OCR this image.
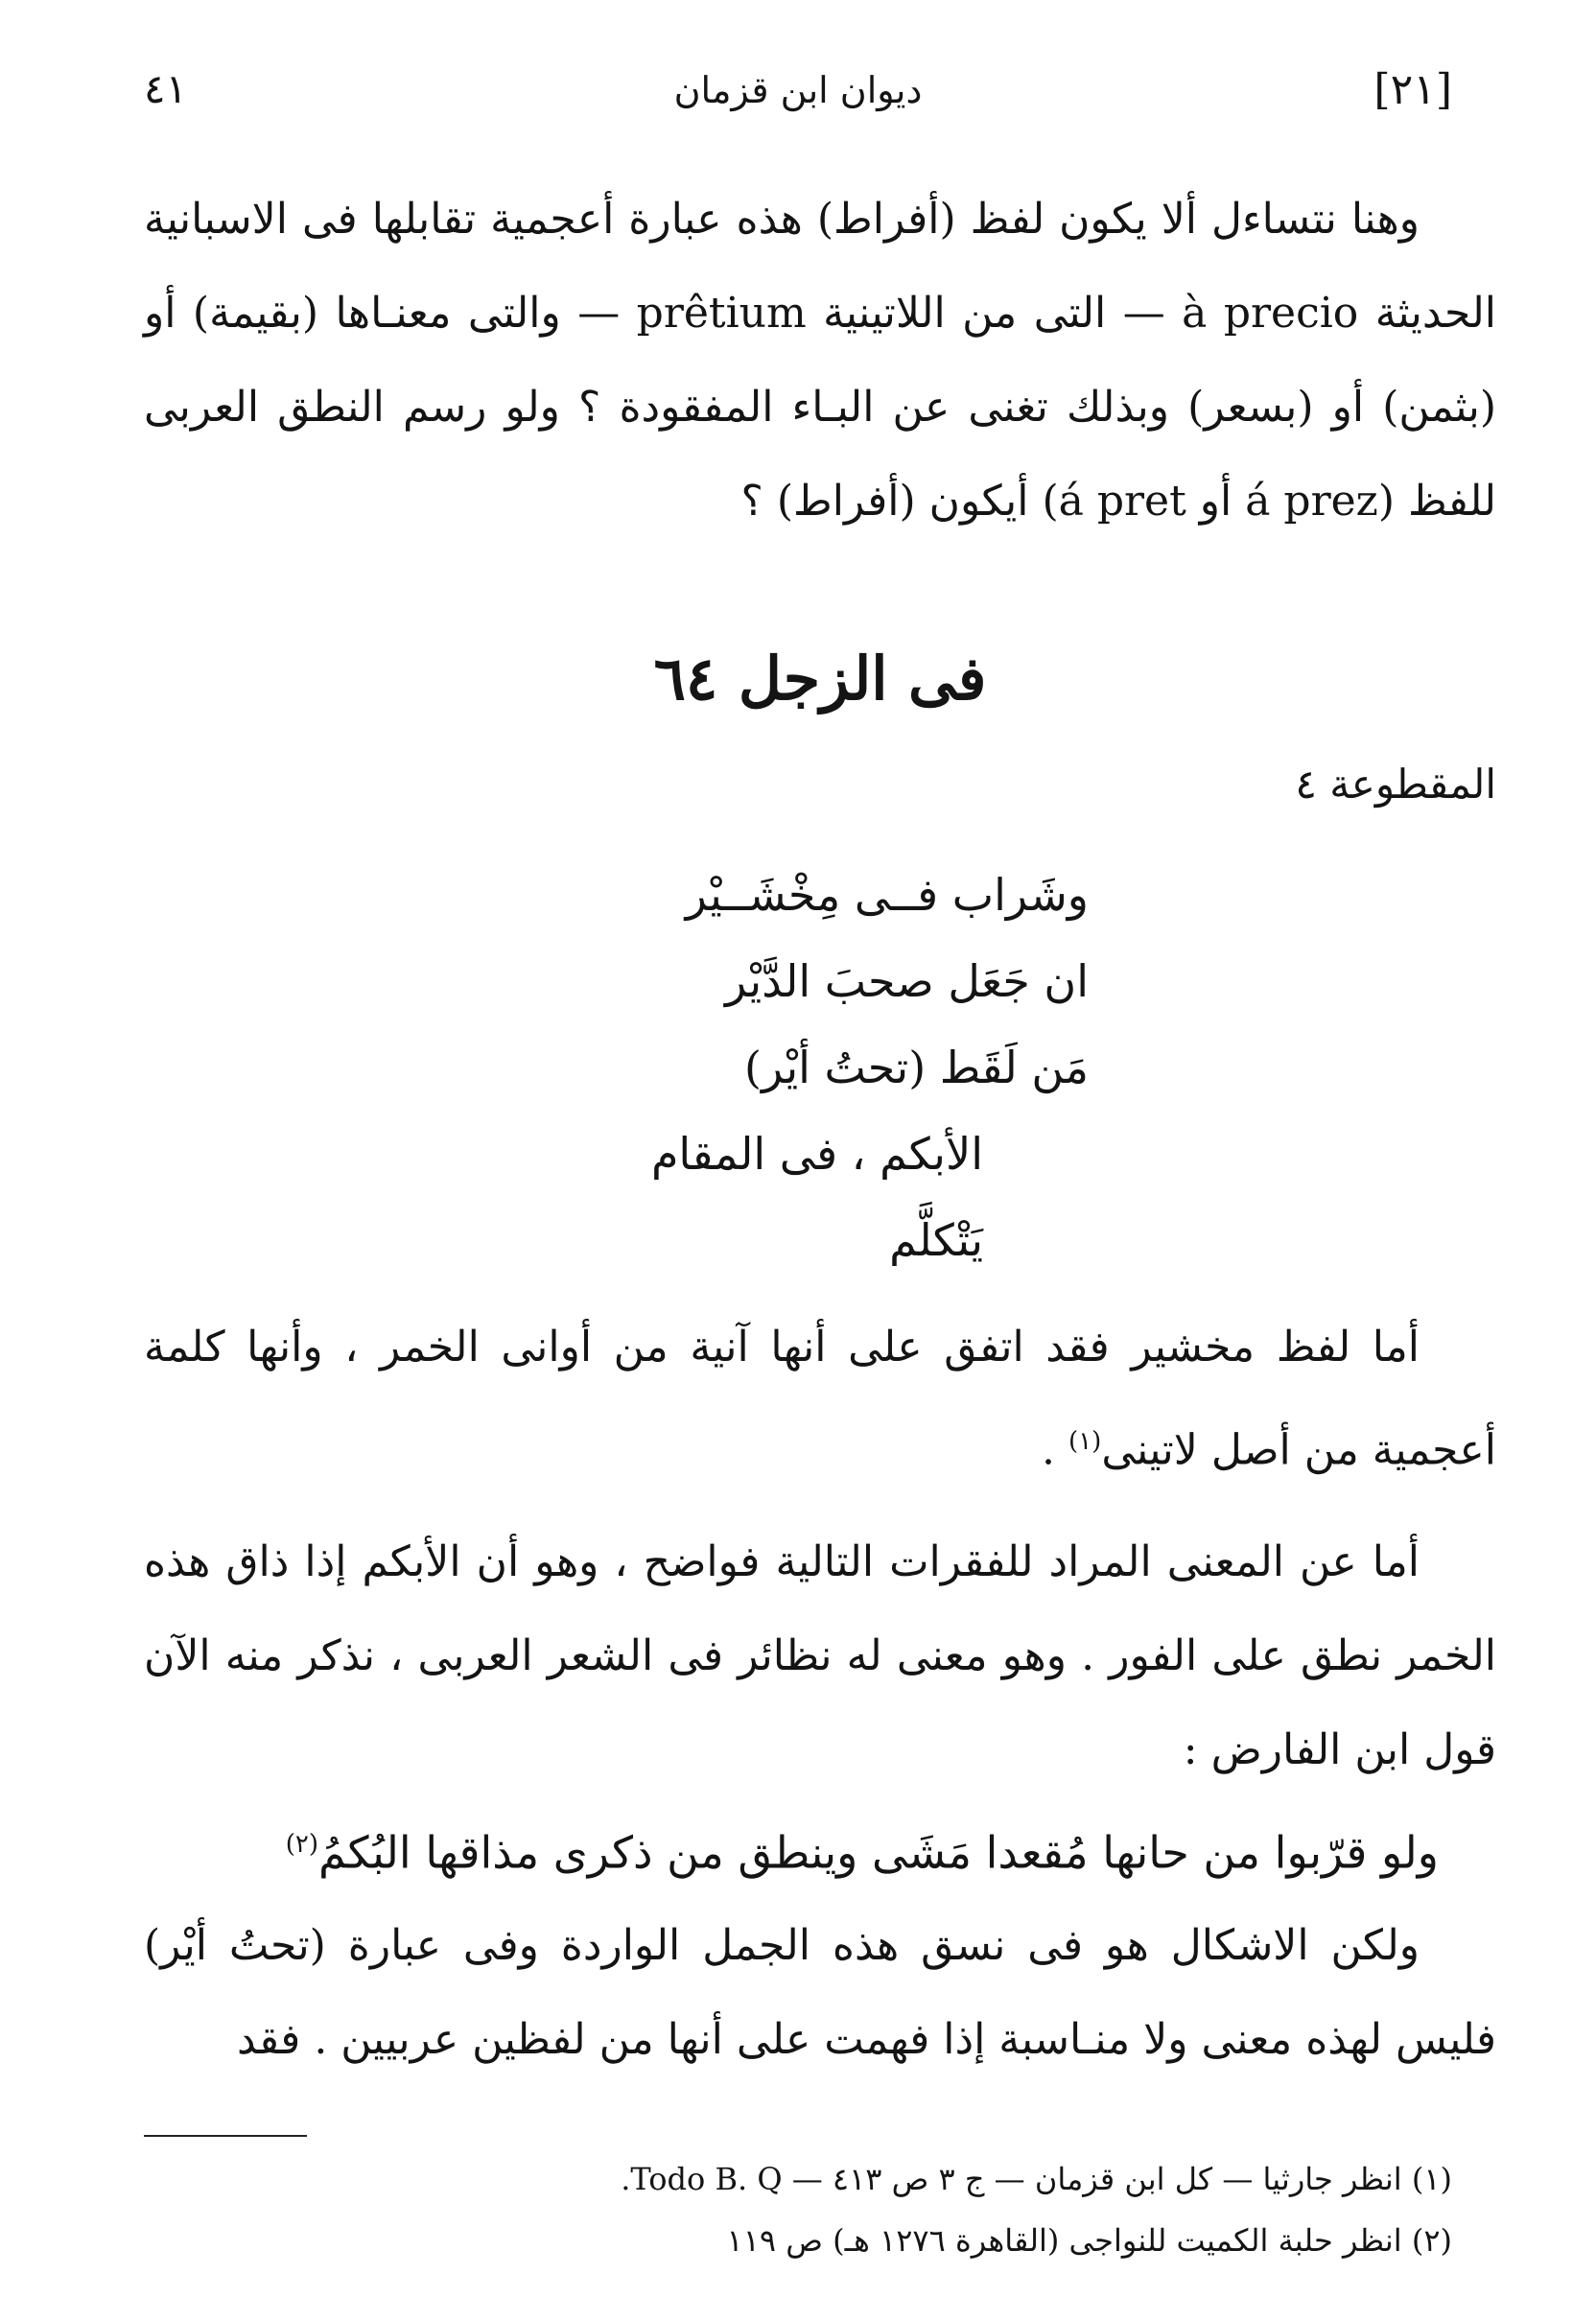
[٢١]
ديوان ابن قزمان
٤١

وهنا نتساءل ألا يكون لفظ (أفراط) هذه عبارة أعجمية تقابلها فى الاسبانية الحديثة à precio — التى من اللاتينية prêtium — والتى معنـاها (بقيمة) أو (بثمن) أو (بسعر) وبذلك تغنى عن البـاء المفقودة ؟ ولو رسم النطق العربى للفظ (á prez أو á pret) أيكون (أفراط) ؟

فى الزجل ٦٤
المقطوعة ٤
وشَراب فــى مِخْشَــيْر
ان جَعَل صحبَ الدَّيْر
مَن لَقَط (تحتُ أيْر)
الأبكم ، فى المقام يَتْكلَّم

أما لفظ مخشير فقد اتفق على أنها آنية من أوانى الخمر ، وأنها كلمة أعجمية من أصل لاتينى$^{(١)}$ .

أما عن المعنى المراد للفقرات التالية فواضح ، وهو أن الأبكم إذا ذاق هذه الخمر نطق على الفور . وهو معنى له نظائر فى الشعر العربى ، نذكر منه الآن قول ابن الفارض :

ولو قرّبوا من حانها مُقعدا مَشَى وينطق من ذكرى مذاقها البُكمُ$^{(٢)}$

ولكن الاشكال هو فى نسق هذه الجمل الواردة وفى عبارة (تحتُ أيْر) فليس لهذه معنى ولا منـاسبة إذا فهمت على أنها من لفظين عربيين . فقد

(١) انظر جارثيا — كل ابن قزمان — ج ٣ ص ٤١٣ — Todo B. Q.
(٢) انظر حلبة الكميت للنواجى (القاهرة ١٢٧٦ هـ) ص ١١٩
